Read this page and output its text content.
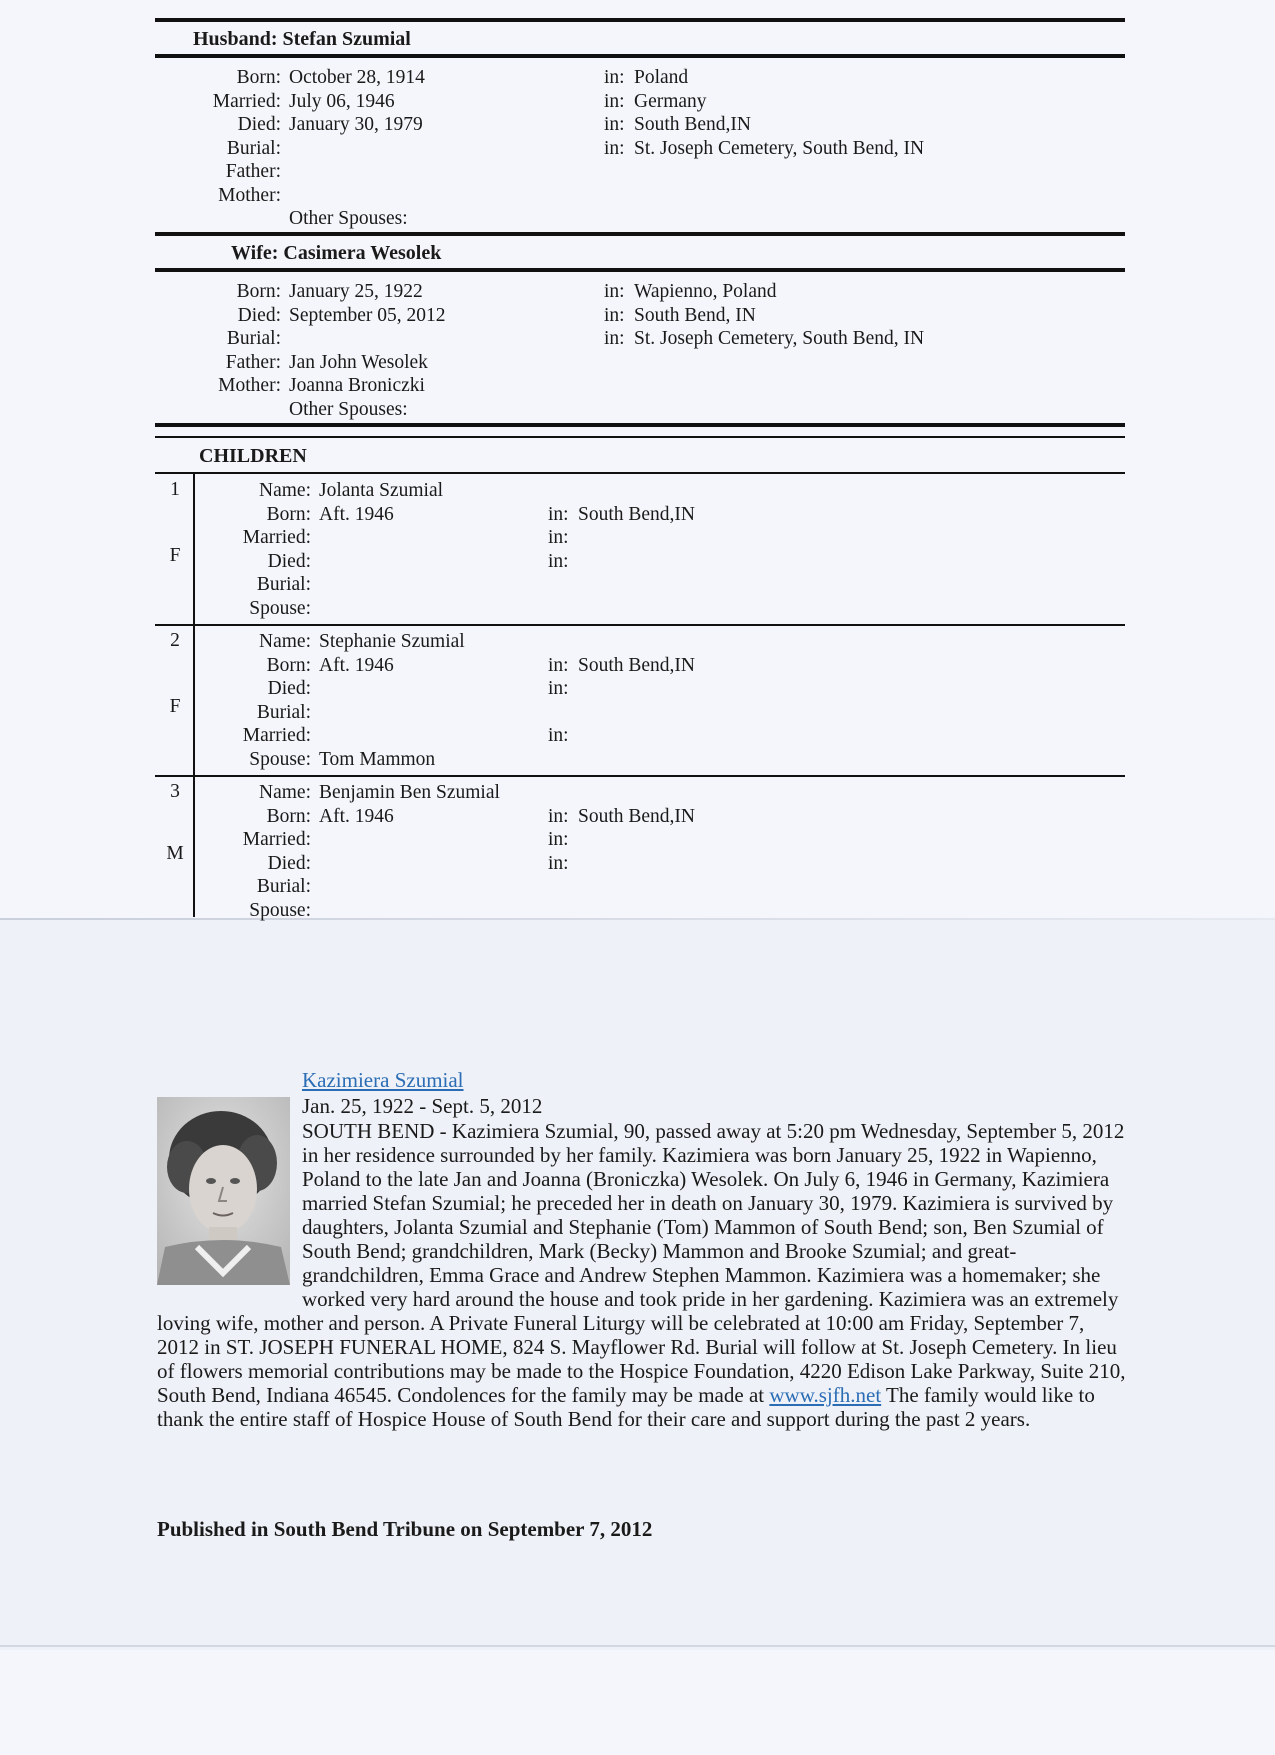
Husband: Stefan Szumial
Born: October 28, 1914	in: Poland
Married: July 06, 1946	in: Germany
Died: January 30, 1979	in: South Bend,IN
Burial:	in: St. Joseph Cemetery, South Bend, IN
Father:
Mother:
Other Spouses:
Wife: Casimera Wesolek
Born: January 25, 1922	in: Wapienno, Poland
Died: September 05, 2012	in: South Bend, IN
Burial:	in: St. Joseph Cemetery, South Bend, IN
Father: Jan John Wesolek
Mother: Joanna Broniczki
Other Spouses:
CHILDREN
1
F
Name: Jolanta Szumial
Born: Aft. 1946	in: South Bend,IN
Married:	in:
Died:	in:
Burial:
Spouse:
2
F
Name: Stephanie Szumial
Born: Aft. 1946	in: South Bend,IN
Died:	in:
Burial:
Married:	in:
Spouse: Tom Mammon
3
M
Name: Benjamin Ben Szumial
Born: Aft. 1946	in: South Bend,IN
Married:	in:
Died:	in:
Burial:
Spouse:
Kazimiera Szumial
Jan. 25, 1922 - Sept. 5, 2012
SOUTH BEND - Kazimiera Szumial, 90, passed away at 5:20 pm Wednesday, September 5, 2012 in her residence surrounded by her family. Kazimiera was born January 25, 1922 in Wapienno, Poland to the late Jan and Joanna (Broniczka) Wesolek. On July 6, 1946 in Germany, Kazimiera married Stefan Szumial; he preceded her in death on January 30, 1979. Kazimiera is survived by daughters, Jolanta Szumial and Stephanie (Tom) Mammon of South Bend; son, Ben Szumial of South Bend; grandchildren, Mark (Becky) Mammon and Brooke Szumial; and great-grandchildren, Emma Grace and Andrew Stephen Mammon. Kazimiera was a homemaker; she worked very hard around the house and took pride in her gardening. Kazimiera was an extremely loving wife, mother and person. A Private Funeral Liturgy will be celebrated at 10:00 am Friday, September 7, 2012 in ST. JOSEPH FUNERAL HOME, 824 S. Mayflower Rd. Burial will follow at St. Joseph Cemetery. In lieu of flowers memorial contributions may be made to the Hospice Foundation, 4220 Edison Lake Parkway, Suite 210, South Bend, Indiana 46545. Condolences for the family may be made at www.sjfh.net The family would like to thank the entire staff of Hospice House of South Bend for their care and support during the past 2 years.
Published in South Bend Tribune on September 7, 2012
